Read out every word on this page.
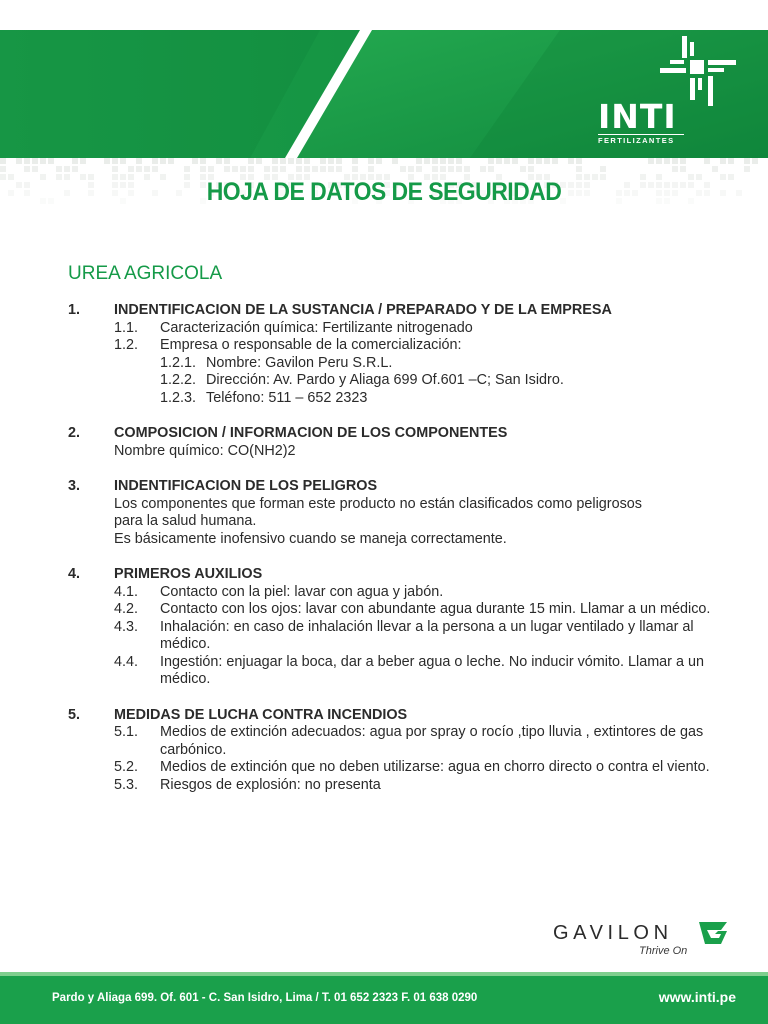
INTI
FERTILIZANTES
HOJA DE DATOS DE SEGURIDAD
UREA AGRICOLA
1.	INDENTIFICACION DE LA SUSTANCIA / PREPARADO Y DE LA EMPRESA
1.1.	Caracterización química: Fertilizante nitrogenado
1.2.	Empresa o responsable de la comercialización:
1.2.1. Nombre: Gavilon Peru S.R.L.
1.2.2. Dirección: Av. Pardo y Aliaga 699 Of.601 –C; San Isidro.
1.2.3. Teléfono: 511 – 652 2323
2.	COMPOSICION / INFORMACION DE LOS COMPONENTES
Nombre químico: CO(NH2)2
3.	INDENTIFICACION DE LOS PELIGROS
Los componentes que forman este producto no están clasificados como peligrosos
para la salud humana.
Es básicamente inofensivo cuando se maneja correctamente.
4.	PRIMEROS AUXILIOS
4.1.	Contacto con la piel: lavar con agua y jabón.
4.2.	Contacto con los ojos: lavar con abundante agua durante 15 min. Llamar a un médico.
4.3.	Inhalación: en caso de inhalación llevar a la persona a un lugar ventilado y llamar al médico.
4.4.	Ingestión: enjuagar la boca, dar a beber agua o leche. No inducir vómito. Llamar a un médico.
5.	MEDIDAS DE LUCHA CONTRA INCENDIOS
5.1.	Medios de extinción adecuados: agua por spray o rocío ,tipo lluvia , extintores de gas carbónico.
5.2.	Medios de extinción que no deben utilizarse: agua en chorro directo o contra el viento.
5.3.	Riesgos de explosión: no presenta
GAVILON
Thrive On
Pardo y Aliaga 699. Of. 601 - C. San Isidro, Lima / T. 01 652 2323 F. 01 638 0290	www.inti.pe
